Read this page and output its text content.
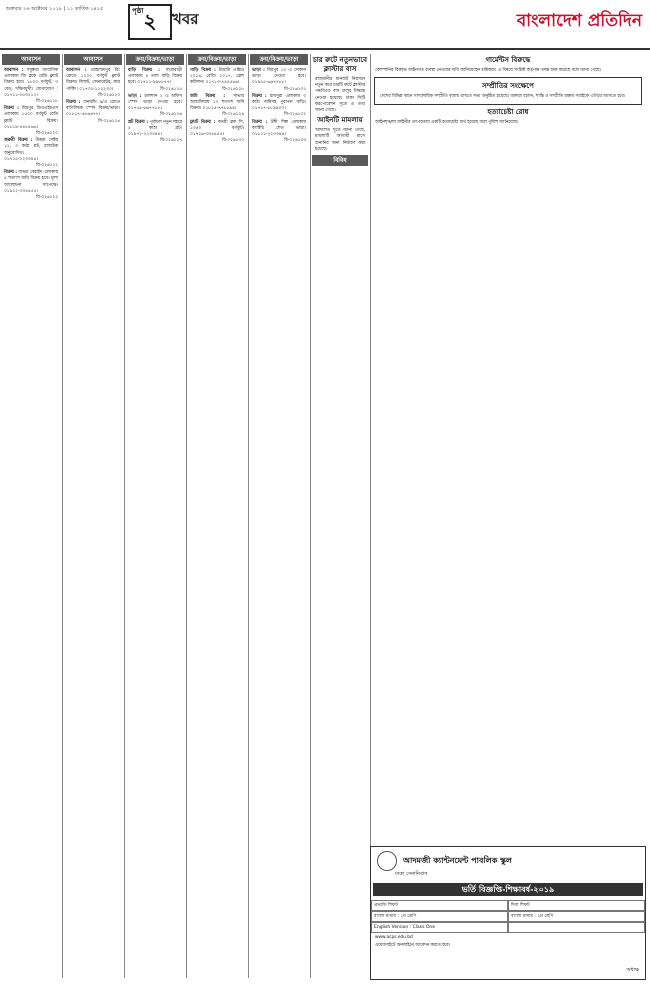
শুক্রবার ২৬ অক্টোবর ২০১৮ | ১১ কার্তিক ১৪২৫	পৃষ্ঠা ২	খবর	বাংলাদেশ প্রতিদিন
আবাসন
আবাসন : বসুন্ধরা আবাসিক এলাকায় জি ব্লকে রেডি ফ্ল্যাট বিক্রয় হবে। ১৮০০ বর্গফুট, ৩ বেড, দক্ষিণমুখী। যোগাযোগ : ০১৭১১-০৫৩২১২।
বি-০২৬১১৮
বিক্রয় : মিরপুর ডিওএইচএস এলাকায় ১৫০০ বর্গফুট রেডি ফ্ল্যাট বিক্রয়। ০১৮১৯-৪৪৫৫৬৬।
বি-০২৬১২০
জরুরী বিক্রয় : উত্তরা সেক্টর ১১, ৩ কাঠা প্লট, রাজউক অনুমোদিত। ০১৭১৫-২২৩৩৪৪।
বি-০২৬১২১
বিক্রয় : বাড্ডা বেরাইদ এলাকায় ৫ শতাংশ জমি বিক্রয় হবে। মূল্য আলোচনা সাপেক্ষে। ০১৯১২-৩৩৪৪৫৫।
বি-০২৬১২২
আবাসন
আবাসন : মোহাম্মদপুর রিং রোডে ১২০০ বর্গফুট ফ্ল্যাট বিক্রয়। লিফট, জেনারেটর, কার পার্কিং। ০১৭৩০-১১২২৩৩।
বি-০২৬১২৩
বিক্রয় : ধানমন্ডি ৯/এ রোডে বাণিজ্যিক স্পেস বিক্রয়/ভাড়া। ০১৮১৭-৫৫৬৬৭৭।
বি-০২৬১২৪
ক্রয়/বিক্রয়/ভাড়া
বাড়ি বিক্রয় : যাত্রাবাড়ী এলাকায় ৪ তলা বাড়ি বিক্রয় হবে। ০১৭১১-৯৯৮৮৭৭।
বি-০২৬১২৫
ভাড়া : গুলশান ২ এ অফিস স্পেস ভাড়া দেওয়া হবে। ০১৭৫৫-৬৬৭৭৮৮।
বি-০২৬১২৬
প্লট বিক্রয় : পূর্বাচল নতুন শহরে ৫ কাঠা প্লট। ০১৯৭১-২২৩৩৪৪।
বি-০২৬১২৭
ক্রয়/বিক্রয়/ভাড়া
গাড়ি বিক্রয় : টয়োটা এক্সিও ২০১৪, রেজি ২০১৭, ফ্রেশ কন্ডিশন। ০১৭১৩-৪৪৫৫৬৬।
বি-০২৬১২৮
জমি বিক্রয় : সাভার আশুলিয়ায় ১০ শতাংশ জমি বিক্রয়। ০১৮১৫-৭৭৮৮৯৯।
বি-০২৬১২৯
ফ্ল্যাট বিক্রয় : বনশ্রী ব্লক সি, ১৩৫০ বর্গফুট। ০১৭২৬-৩৩৪৪৫৫।
বি-০২৬১৩০
ক্রয়/বিক্রয়/ভাড়া
ভাড়া : মিরপুর ১০ এ দোকান ভাড়া দেওয়া হবে। ০১৯১৫-৬৬৭৭৮৮।
বি-০২৬১৩১
বিক্রয় : রামপুরা এলাকায় ৩ কাঠা জমিসহ পুরাতন বাড়ি। ০১৭১৭-৮৮৯৯০০।
বি-০২৬১৩২
বিক্রয় : টঙ্গী শিল্প এলাকায় ফ্যাক্টরি শেড ভাড়া। ০১৮১১-২২৩৩৪৪।
বি-০২৬১৩৩
চার রুটে নতুনভাবে ক্লাস্টার বাস
রাজধানীর যানজট নিরসনে নতুন করে চারটি রুটে ক্লাস্টার পদ্ধতিতে বাস চালুর সিদ্ধান্ত নেওয়া হয়েছে। ঢাকা সিটি করপোরেশন সূত্রে এ তথ্য জানা গেছে।
আইনটি মামলায়
আদালত সূত্রে জানা গেছে, মামলাটি আগামী মাসে শুনানির জন্য নির্ধারণ করা হয়েছে।
বিবিধ
গার্মেন্টস বিরুদ্ধে
কোম্পানির বিরুদ্ধে আইনগত ব্যবস্থা নেওয়ার দাবি জানিয়েছেন শ্রমিকরা। এ বিষয়ে সংশ্লিষ্ট কর্তৃপক্ষ তদন্ত শুরু করেছে বলে জানা গেছে।
সম্প্রীতির সংক্ষেপে
দেশের বিভিন্ন স্থানে সাম্প্রদায়িক সম্প্রীতি বজায় রাখতে সভা অনুষ্ঠিত হয়েছে। বক্তারা বলেন, শান্তি ও সম্প্রীতি রক্ষায় সবাইকে এগিয়ে আসতে হবে।
হত্যাচেষ্টা রোধ
আইনশৃঙ্খলা বাহিনীর তৎপরতায় একটি হত্যাচেষ্টা ব্যর্থ হয়েছে বলে পুলিশ জানিয়েছে।
আদমজী ক্যান্টনমেন্ট পাবলিক স্কুল
ঢাকা সেনানিবাস
ভর্তি বিজ্ঞপ্তি-শিক্ষাবর্ষ-২০১৯
প্রভাতি শিফট	দিবা শিফট
বাংলা মাধ্যম : ১ম শ্রেণি	বাংলা মাধ্যম : ১ম শ্রেণি
English Version : Class One
www.acps.edu.bd
ওয়েবসাইটে অনলাইনে আবেদন করতে হবে।
অধ্যক্ষ
